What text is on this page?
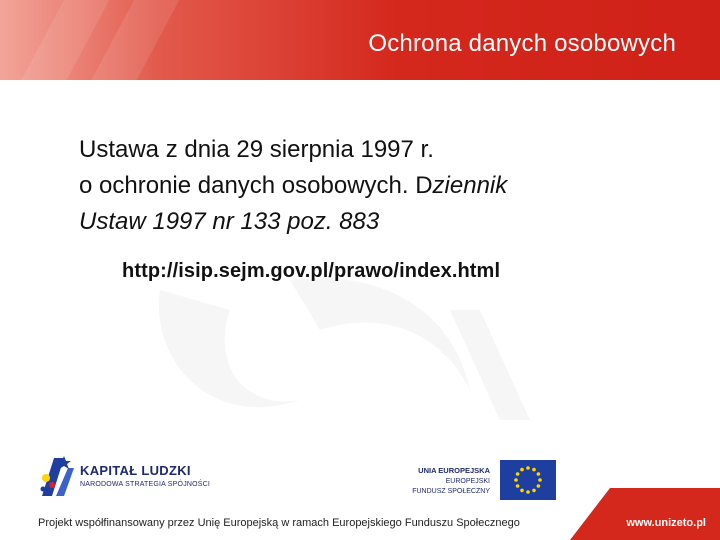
Ochrona danych osobowych
Ustawa z dnia 29 sierpnia 1997 r.
o ochronie danych osobowych. Dziennik
Ustaw 1997 nr 133 poz. 883
http://isip.sejm.gov.pl/prawo/index.html
KAPITAŁ LUDZKI
NARODOWA STRATEGIA SPÓJNOŚCI
UNIA EUROPEJSKA
EUROPEJSKI
FUNDUSZ SPOŁECZNY
Projekt współfinansowany przez Unię Europejską w ramach Europejskiego Funduszu Społecznego	www.unizeto.pl
